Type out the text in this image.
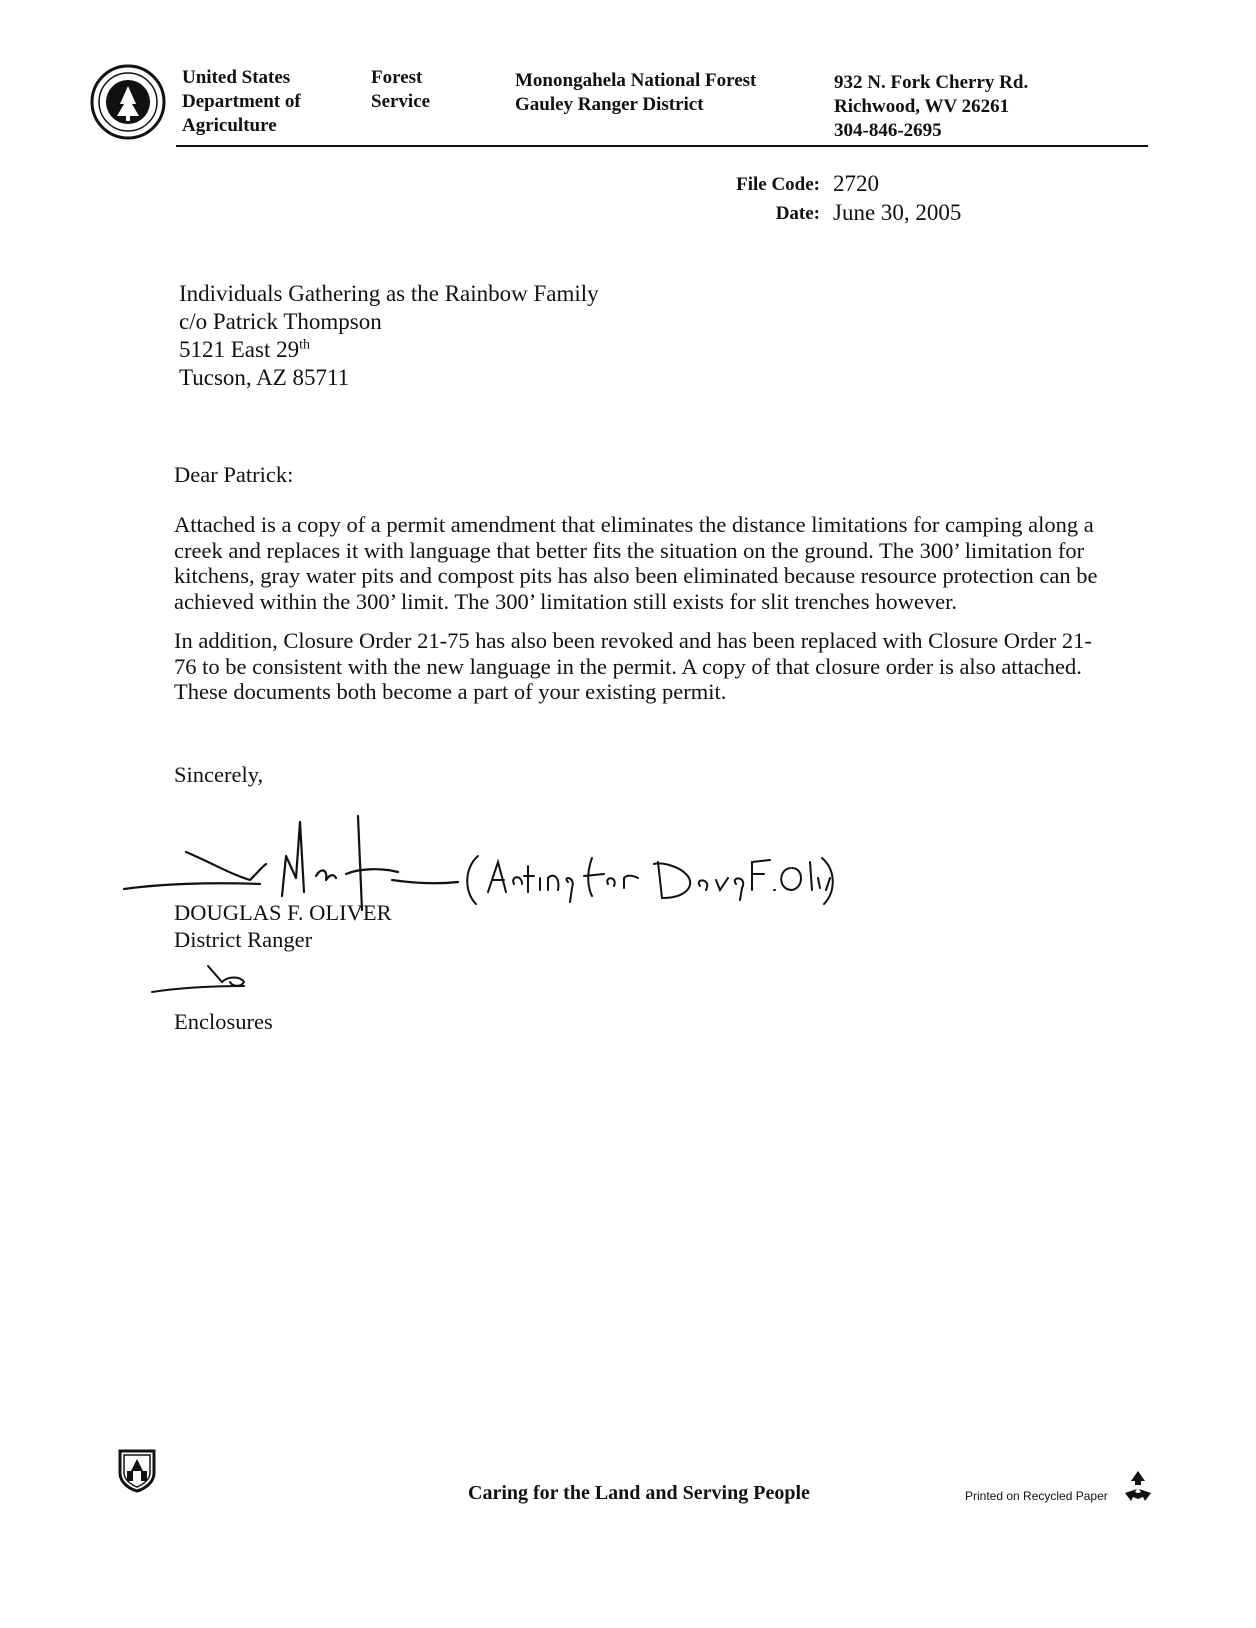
United States
Department of
Agriculture
Forest
Service
Monongahela National Forest
Gauley Ranger District
932 N. Fork Cherry Rd.
Richwood, WV 26261
304-846-2695
File Code: 2720
Date: June 30, 2005
Individuals Gathering as the Rainbow Family
c/o Patrick Thompson
5121 East 29th
Tucson, AZ 85711
Dear Patrick:

Attached is a copy of a permit amendment that eliminates the distance limitations for camping along a creek and replaces it with language that better fits the situation on the ground. The 300’ limitation for kitchens, gray water pits and compost pits has also been eliminated because resource protection can be achieved within the 300’ limit. The 300’ limitation still exists for slit trenches however.

In addition, Closure Order 21-75 has also been revoked and has been replaced with Closure Order 21-76 to be consistent with the new language in the permit. A copy of that closure order is also attached. These documents both become a part of your existing permit.

Sincerely,
DOUGLAS F. OLIVER
District Ranger
Enclosures
Caring for the Land and Serving People	Printed on Recycled Paper
